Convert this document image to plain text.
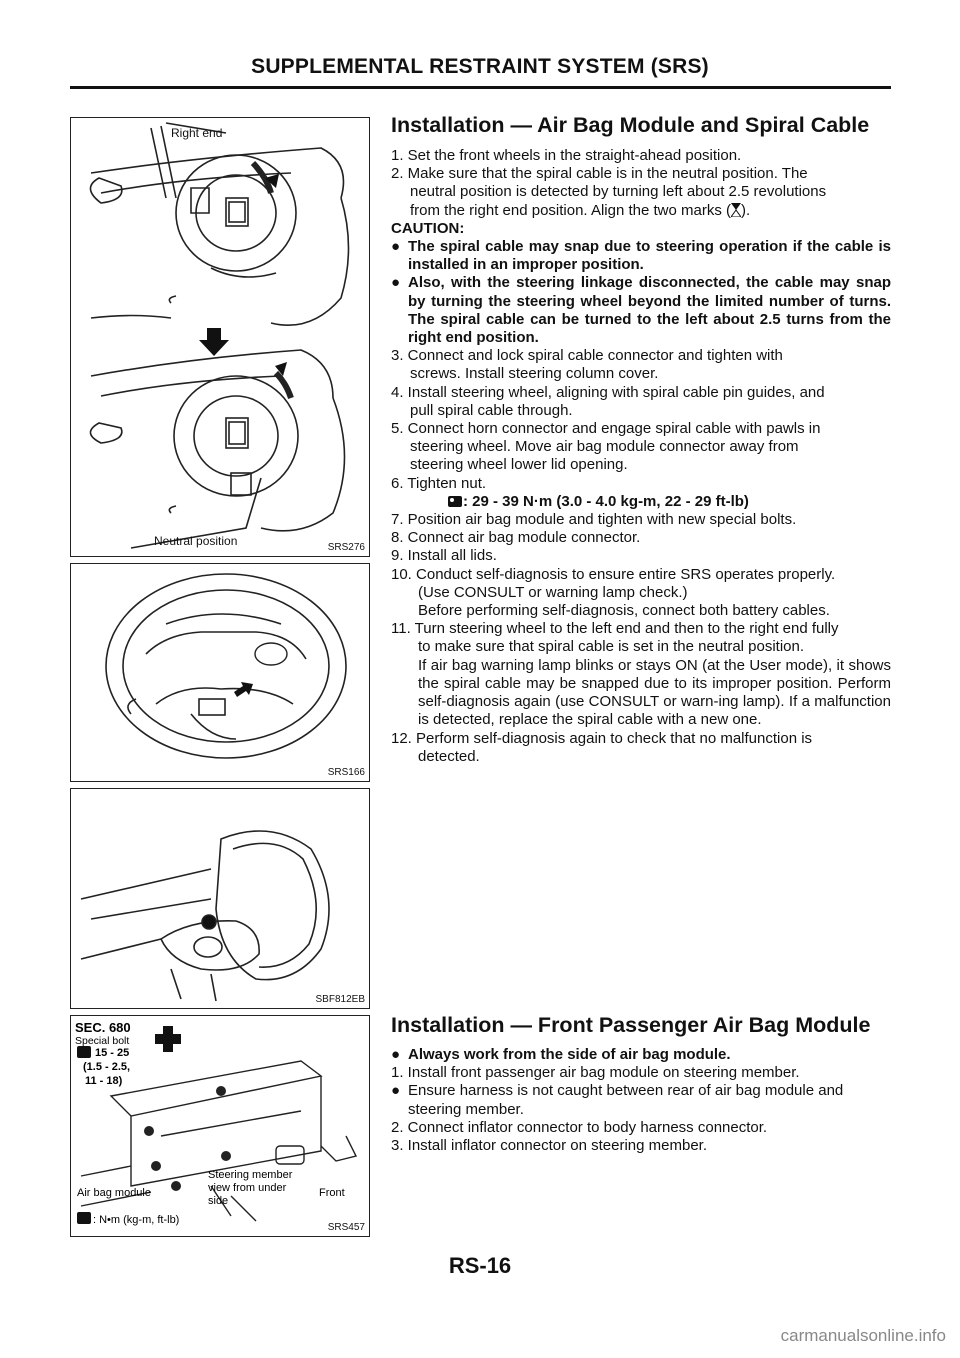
SUPPLEMENTAL RESTRAINT SYSTEM (SRS)
Right end
Neutral position	SRS276
SRS166
SBF812EB
SEC. 680
Special bolt
15 - 25
(1.5 - 2.5,
11 - 18)
Steering member
view from under
side
Air bag module	Front
: N•m (kg-m, ft-lb)
SRS457
Installation — Air Bag Module and Spiral Cable

1. Set the front wheels in the straight-ahead position.

2. Make sure that the spiral cable is in the neutral position. The

neutral position is detected by turning left about 2.5 revolutions

from the right end position. Align the two marks ( ).

CAUTION:

● The spiral cable may snap due to steering operation if the cable is installed in an improper position.
● Also, with the steering linkage disconnected, the cable may snap by turning the steering wheel beyond the limited number of turns. The spiral cable can be turned to the left about 2.5 turns from the right end position.

3. Connect and lock spiral cable connector and tighten with

screws. Install steering column cover.

4. Install steering wheel, aligning with spiral cable pin guides, and

pull spiral cable through.

5. Connect horn connector and engage spiral cable with pawls in

steering wheel. Move air bag module connector away from

steering wheel lower lid opening.

6. Tighten nut.

: 29 - 39 N·m (3.0 - 4.0 kg-m, 22 - 29 ft-lb)

7. Position air bag module and tighten with new special bolts.

8. Connect air bag module connector.

9. Install all lids.

10. Conduct self-diagnosis to ensure entire SRS operates properly.

(Use CONSULT or warning lamp check.)

Before performing self-diagnosis, connect both battery cables.

11. Turn steering wheel to the left end and then to the right end fully

to make sure that spiral cable is set in the neutral position.

If air bag warning lamp blinks or stays ON (at the User mode), it shows the spiral cable may be snapped due to its improper position. Perform self-diagnosis again (use CONSULT or warn-ing lamp). If a malfunction is detected, replace the spiral cable with a new one.

12. Perform self-diagnosis again to check that no malfunction is

detected.

Installation — Front Passenger Air Bag Module
● Always work from the side of air bag module.

1. Install front passenger air bag module on steering member.

● Ensure harness is not caught between rear of air bag module and steering member.

2. Connect inflator connector to body harness connector.

3. Install inflator connector on steering member.

RS-16
carmanualsonline.info
